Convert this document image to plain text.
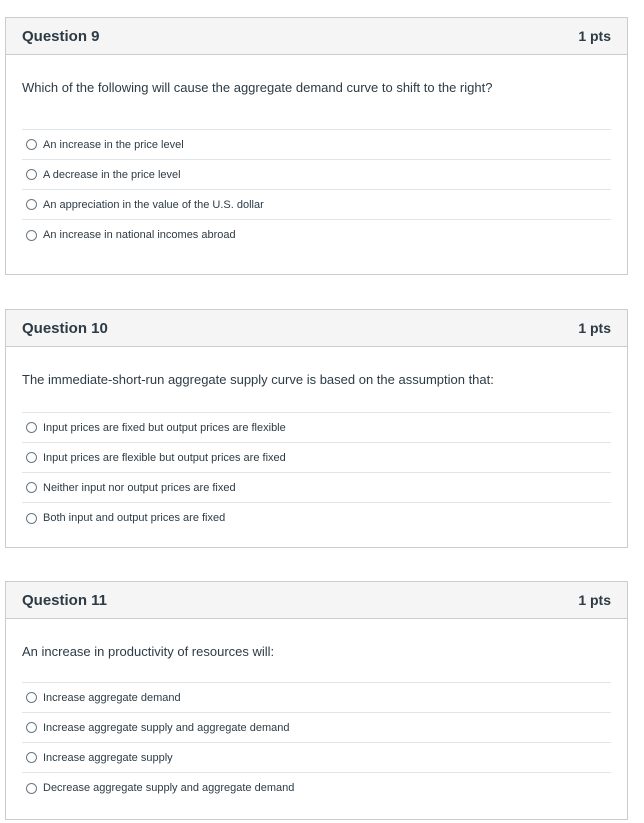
Question 9	1 pts

Which of the following will cause the aggregate demand curve to shift to the right?

An increase in the price level
A decrease in the price level
An appreciation in the value of the U.S. dollar
An increase in national incomes abroad
Question 10	1 pts

The immediate-short-run aggregate supply curve is based on the assumption that:

Input prices are fixed but output prices are flexible
Input prices are flexible but output prices are fixed
Neither input nor output prices are fixed
Both input and output prices are fixed
Question 11	1 pts

An increase in productivity of resources will:

Increase aggregate demand
Increase aggregate supply and aggregate demand
Increase aggregate supply
Decrease aggregate supply and aggregate demand
